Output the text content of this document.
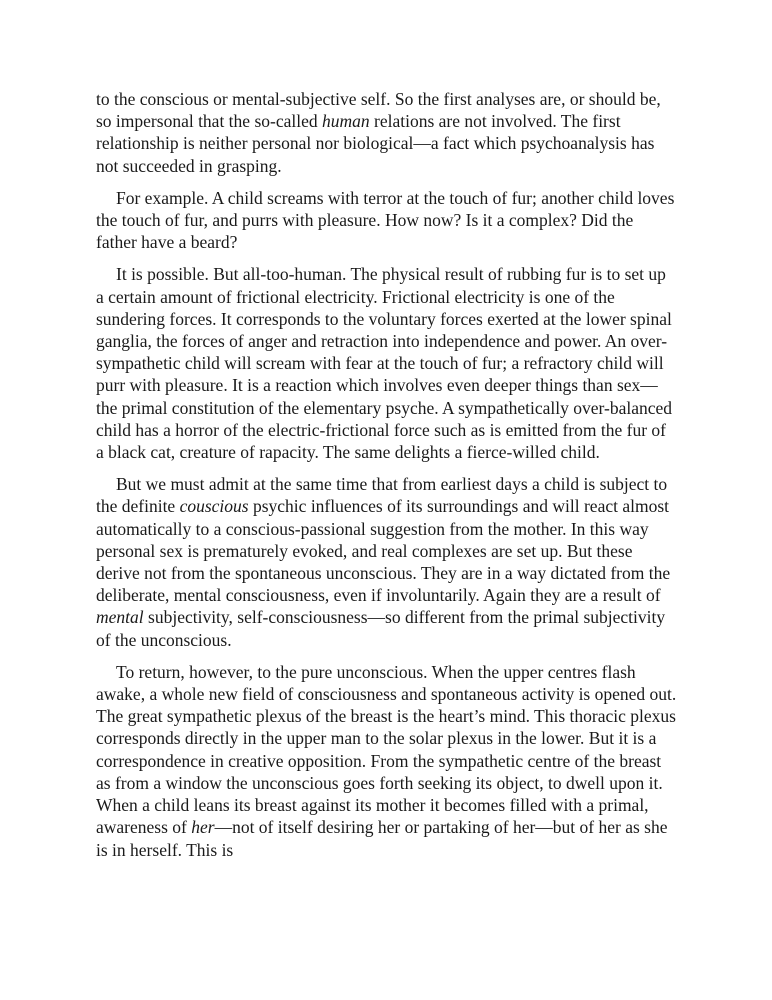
to the conscious or mental-subjective self. So the first analyses are, or should be, so impersonal that the so-called human relations are not involved. The first relationship is neither personal nor biological—a fact which psychoanalysis has not succeeded in grasping.

For example. A child screams with terror at the touch of fur; another child loves the touch of fur, and purrs with pleasure. How now? Is it a complex? Did the father have a beard?

It is possible. But all-too-human. The physical result of rubbing fur is to set up a certain amount of frictional electricity. Frictional electricity is one of the sundering forces. It corresponds to the voluntary forces exerted at the lower spinal ganglia, the forces of anger and retraction into independence and power. An over-sympathetic child will scream with fear at the touch of fur; a refractory child will purr with pleasure. It is a reaction which involves even deeper things than sex—the primal constitution of the elementary psyche. A sympathetically over-balanced child has a horror of the electric-frictional force such as is emitted from the fur of a black cat, creature of rapacity. The same delights a fierce-willed child.

But we must admit at the same time that from earliest days a child is subject to the definite couscious psychic influences of its surroundings and will react almost automatically to a conscious-passional suggestion from the mother. In this way personal sex is prematurely evoked, and real complexes are set up. But these derive not from the spontaneous unconscious. They are in a way dictated from the deliberate, mental consciousness, even if involuntarily. Again they are a result of mental subjectivity, self-consciousness—so different from the primal subjectivity of the unconscious.

To return, however, to the pure unconscious. When the upper centres flash awake, a whole new field of consciousness and spontaneous activity is opened out. The great sympathetic plexus of the breast is the heart’s mind. This thoracic plexus corresponds directly in the upper man to the solar plexus in the lower. But it is a correspondence in creative opposition. From the sympathetic centre of the breast as from a window the unconscious goes forth seeking its object, to dwell upon it. When a child leans its breast against its mother it becomes filled with a primal, awareness of her—not of itself desiring her or partaking of her—but of her as she is in herself. This is
